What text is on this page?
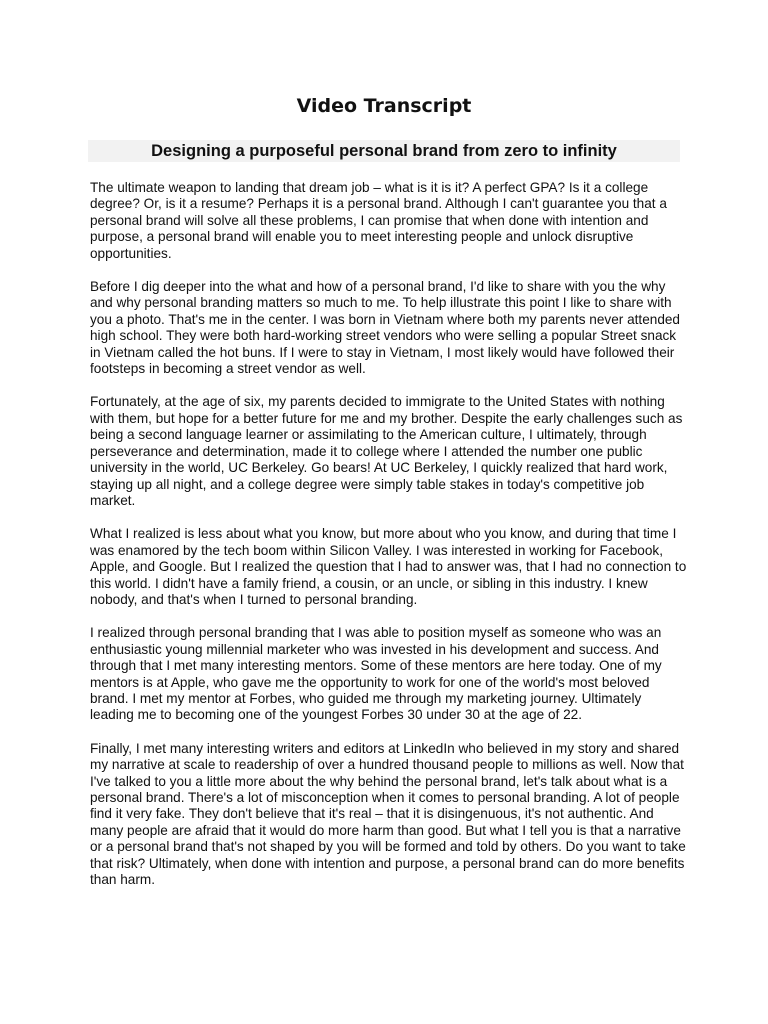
Video Transcript
Designing a purposeful personal brand from zero to infinity

The ultimate weapon to landing that dream job – what is it is it? A perfect GPA? Is it a college degree? Or, is it a resume? Perhaps it is a personal brand. Although I can't guarantee you that a personal brand will solve all these problems, I can promise that when done with intention and purpose, a personal brand will enable you to meet interesting people and unlock disruptive opportunities.

Before I dig deeper into the what and how of a personal brand, I'd like to share with you the why and why personal branding matters so much to me. To help illustrate this point I like to share with you a photo. That's me in the center. I was born in Vietnam where both my parents never attended high school. They were both hard-working street vendors who were selling a popular Street snack in Vietnam called the hot buns. If I were to stay in Vietnam, I most likely would have followed their footsteps in becoming a street vendor as well.

Fortunately, at the age of six, my parents decided to immigrate to the United States with nothing with them, but hope for a better future for me and my brother. Despite the early challenges such as being a second language learner or assimilating to the American culture, I ultimately, through perseverance and determination, made it to college where I attended the number one public university in the world, UC Berkeley. Go bears! At UC Berkeley, I quickly realized that hard work, staying up all night, and a college degree were simply table stakes in today's competitive job market.

What I realized is less about what you know, but more about who you know, and during that time I was enamored by the tech boom within Silicon Valley. I was interested in working for Facebook, Apple, and Google. But I realized the question that I had to answer was, that I had no connection to this world. I didn't have a family friend, a cousin, or an uncle, or sibling in this industry. I knew nobody, and that's when I turned to personal branding.

I realized through personal branding that I was able to position myself as someone who was an enthusiastic young millennial marketer who was invested in his development and success. And through that I met many interesting mentors. Some of these mentors are here today. One of my mentors is at Apple, who gave me the opportunity to work for one of the world's most beloved brand. I met my mentor at Forbes, who guided me through my marketing journey. Ultimately leading me to becoming one of the youngest Forbes 30 under 30 at the age of 22.

Finally, I met many interesting writers and editors at LinkedIn who believed in my story and shared my narrative at scale to readership of over a hundred thousand people to millions as well. Now that I've talked to you a little more about the why behind the personal brand, let's talk about what is a personal brand. There's a lot of misconception when it comes to personal branding. A lot of people find it very fake. They don't believe that it's real – that it is disingenuous, it's not authentic. And many people are afraid that it would do more harm than good. But what I tell you is that a narrative or a personal brand that's not shaped by you will be formed and told by others. Do you want to take that risk? Ultimately, when done with intention and purpose, a personal brand can do more benefits than harm.
